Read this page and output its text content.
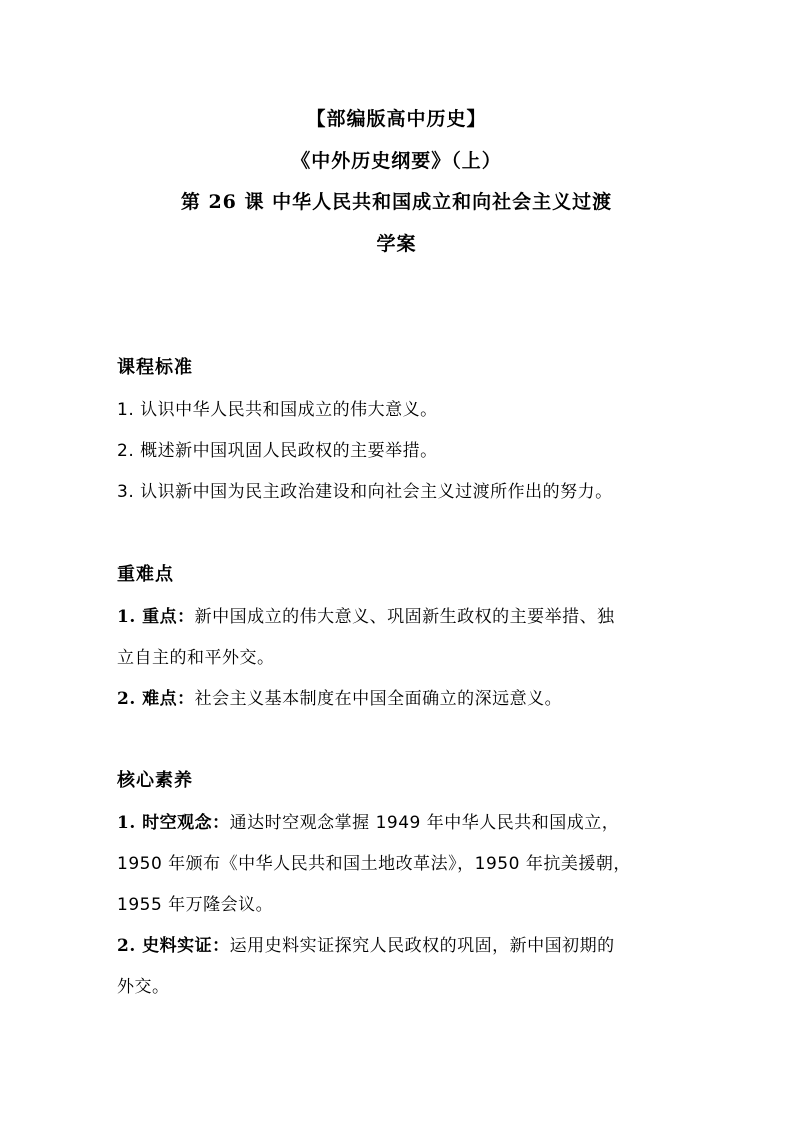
【部编版高中历史】
《中外历史纲要》（上）
第 26 课 中华人民共和国成立和向社会主义过渡
学案
课程标准
1. 认识中华人民共和国成立的伟大意义。
2. 概述新中国巩固人民政权的主要举措。
3. 认识新中国为民主政治建设和向社会主义过渡所作出的努力。
重难点
1. 重点：新中国成立的伟大意义、巩固新生政权的主要举措、独
立自主的和平外交。
2. 难点：社会主义基本制度在中国全面确立的深远意义。
核心素养
1. 时空观念：通达时空观念掌握 1949 年中华人民共和国成立，
1950 年颁布《中华人民共和国土地改革法》，1950 年抗美援朝，
1955 年万隆会议。
2. 史料实证：运用史料实证探究人民政权的巩固，新中国初期的
外交。
